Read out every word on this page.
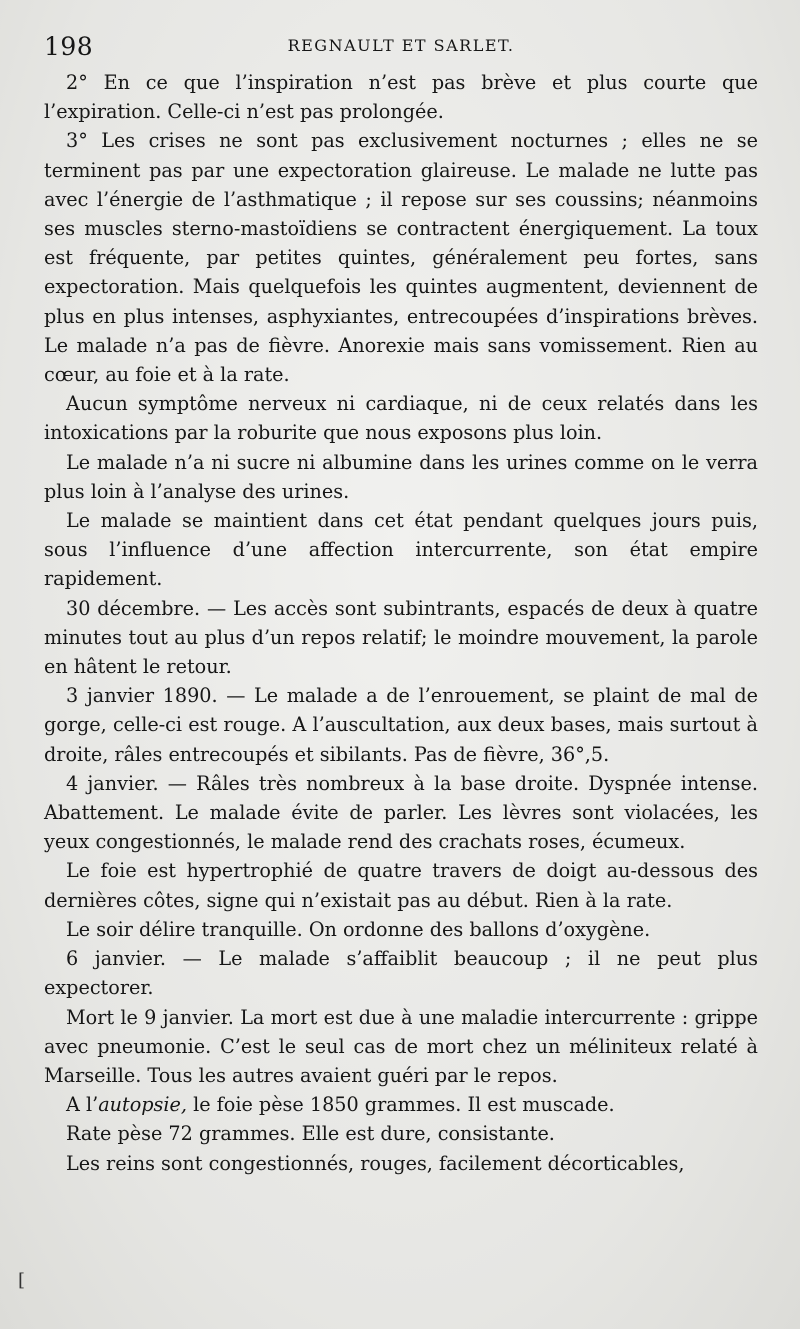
198	REGNAULT ET SARLET.

2° En ce que l’inspiration n’est pas brève et plus courte que l’expiration. Celle-ci n’est pas prolongée.

3° Les crises ne sont pas exclusivement nocturnes ; elles ne se terminent pas par une expectoration glaireuse. Le malade ne lutte pas avec l’énergie de l’asthmatique ; il repose sur ses coussins; néanmoins ses muscles sterno-mastoïdiens se contractent énergiquement. La toux est fréquente, par petites quintes, généralement peu fortes, sans expectoration. Mais quelquefois les quintes augmentent, deviennent de plus en plus intenses, asphyxiantes, entrecoupées d’inspirations brèves. Le malade n’a pas de fièvre. Anorexie mais sans vomissement. Rien au cœur, au foie et à la rate.

Aucun symptôme nerveux ni cardiaque, ni de ceux relatés dans les intoxications par la roburite que nous exposons plus loin.

Le malade n’a ni sucre ni albumine dans les urines comme on le verra plus loin à l’analyse des urines.

Le malade se maintient dans cet état pendant quelques jours puis, sous l’influence d’une affection intercurrente, son état empire rapidement.

30 décembre. — Les accès sont subintrants, espacés de deux à quatre minutes tout au plus d’un repos relatif; le moindre mouvement, la parole en hâtent le retour.

3 janvier 1890. — Le malade a de l’enrouement, se plaint de mal de gorge, celle-ci est rouge. A l’auscultation, aux deux bases, mais surtout à droite, râles entrecoupés et sibilants. Pas de fièvre, 36°,5.

4 janvier. — Râles très nombreux à la base droite. Dyspnée intense. Abattement. Le malade évite de parler. Les lèvres sont violacées, les yeux congestionnés, le malade rend des crachats roses, écumeux.

Le foie est hypertrophié de quatre travers de doigt au-dessous des dernières côtes, signe qui n’existait pas au début. Rien à la rate.

Le soir délire tranquille. On ordonne des ballons d’oxygène.

6 janvier. — Le malade s’affaiblit beaucoup ; il ne peut plus expectorer.

Mort le 9 janvier. La mort est due à une maladie intercurrente : grippe avec pneumonie. C’est le seul cas de mort chez un méliniteux relaté à Marseille. Tous les autres avaient guéri par le repos.

A l’autopsie, le foie pèse 1850 grammes. Il est muscade.

Rate pèse 72 grammes. Elle est dure, consistante.

Les reins sont congestionnés, rouges, facilement décorticables,

[
